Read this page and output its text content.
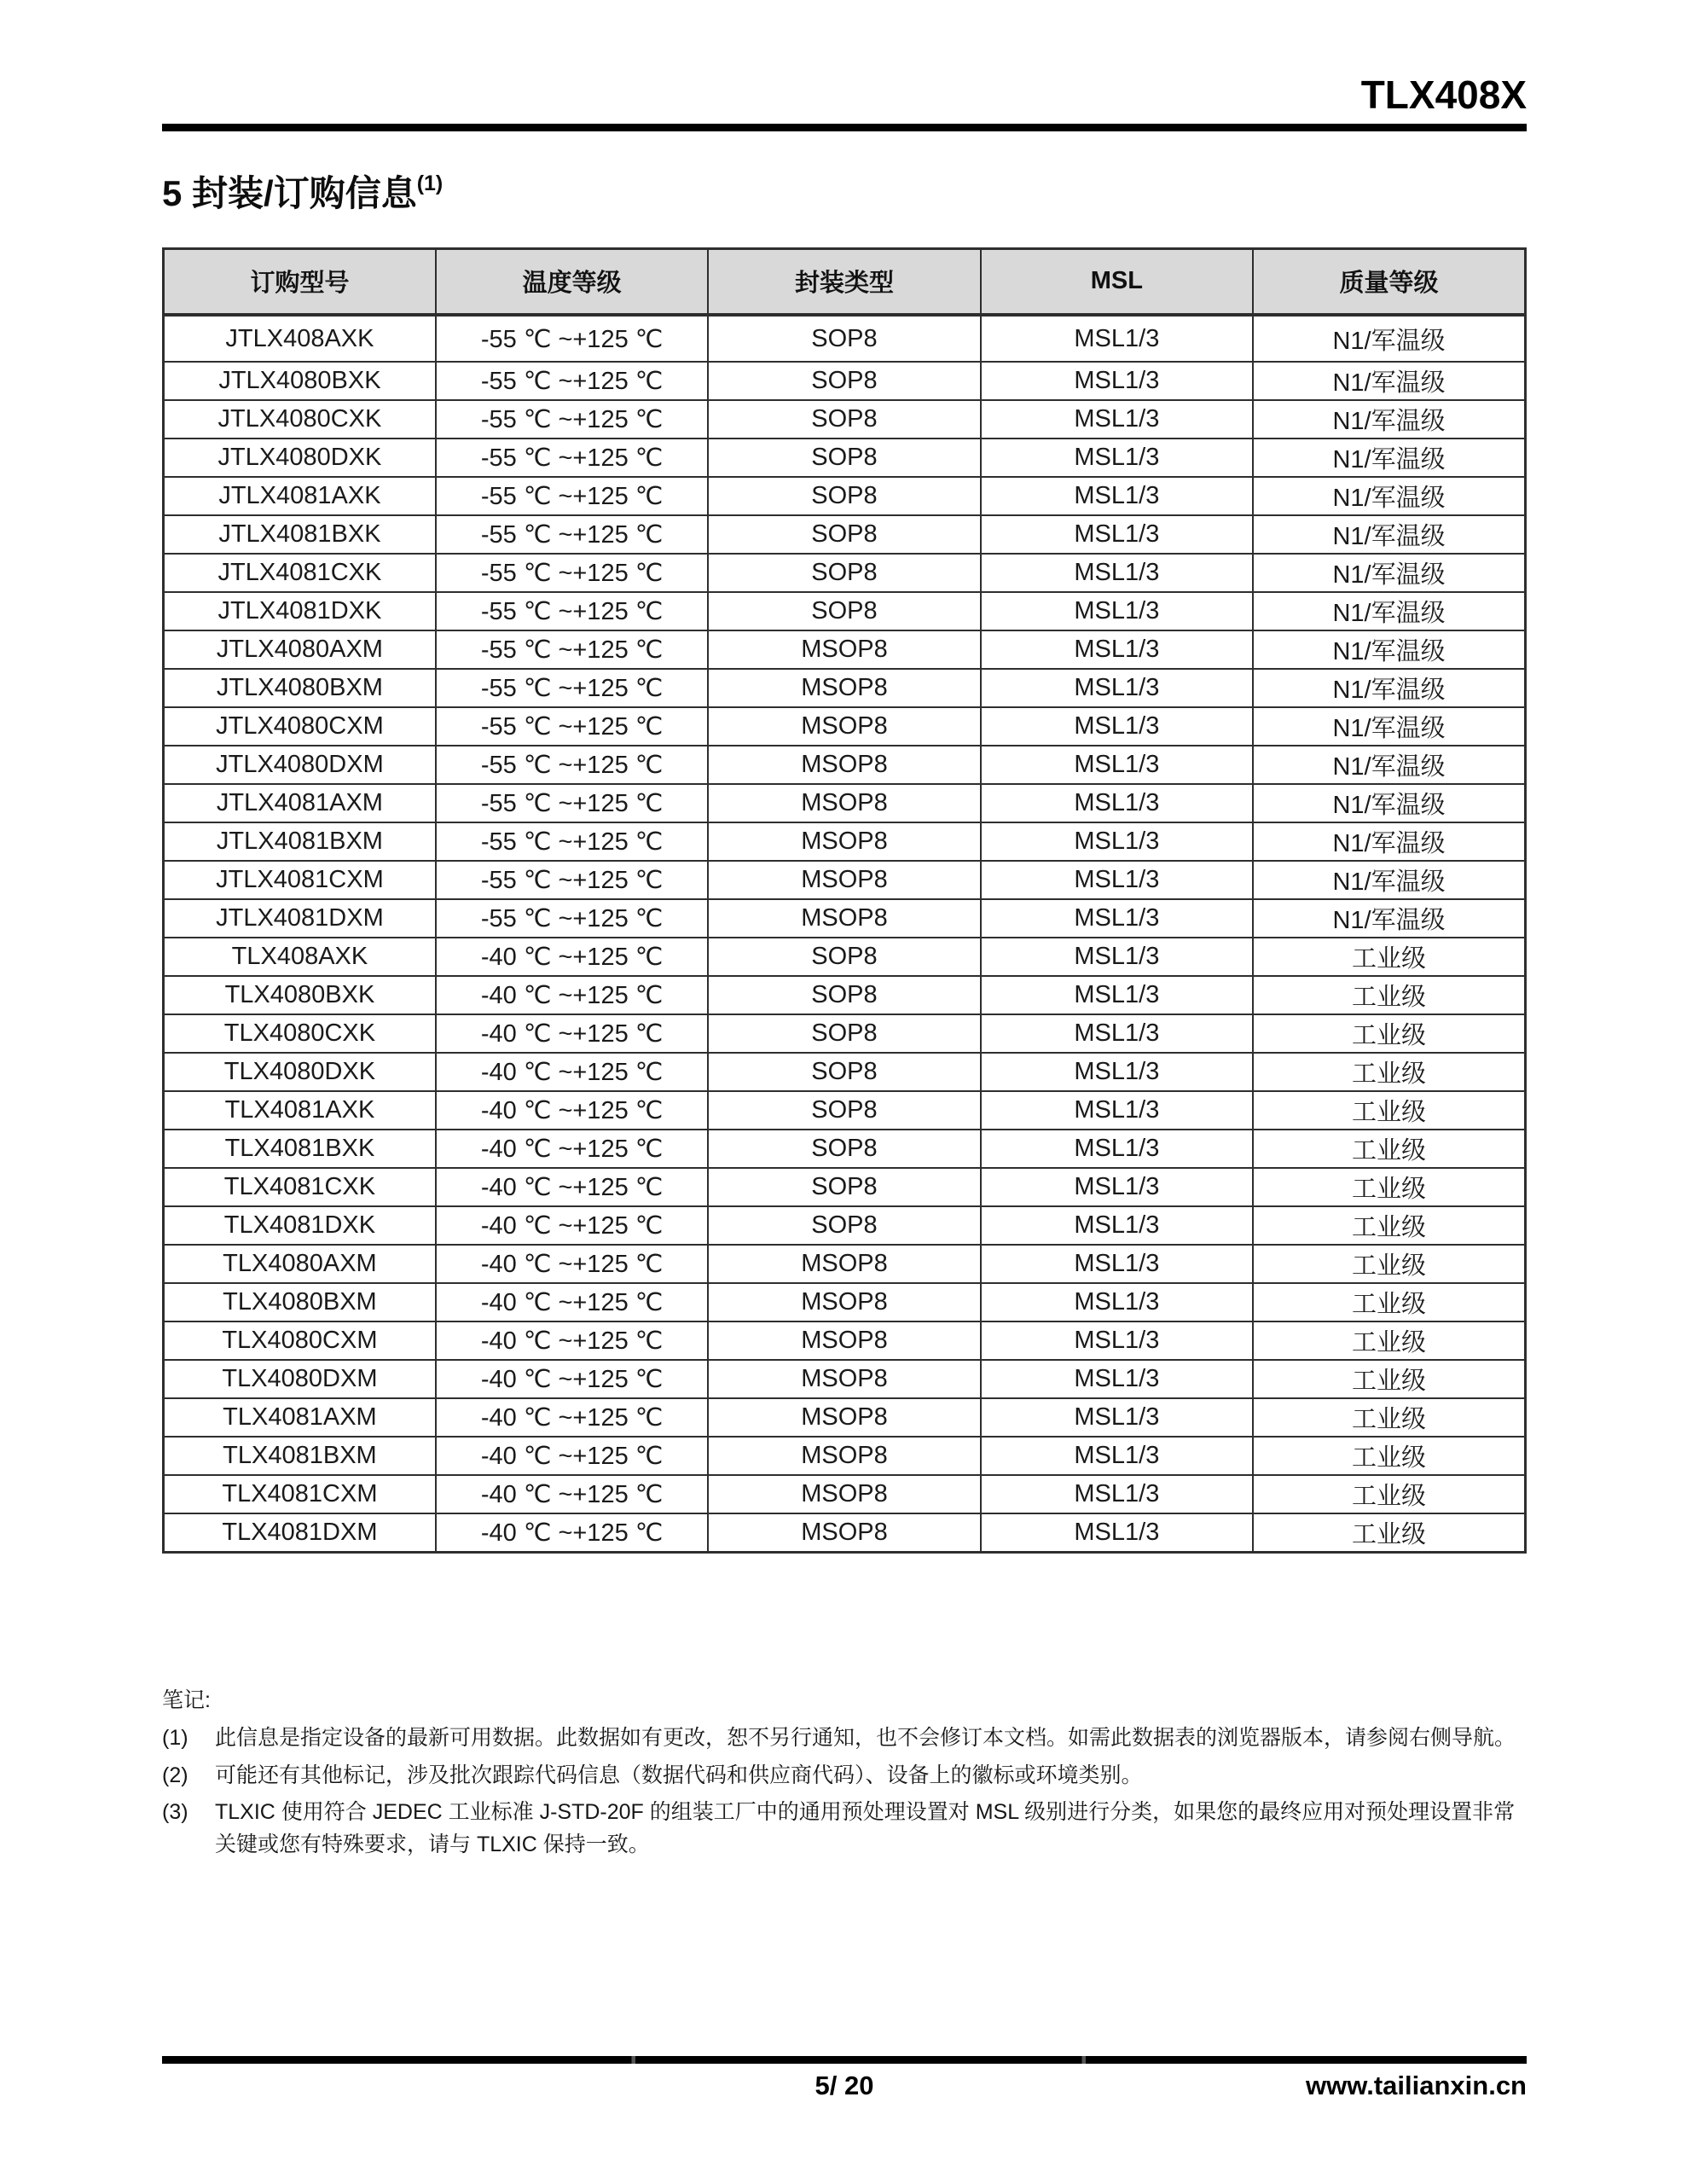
TLX408X
5 封装/订购信息$^{(1)}$
订购型号	温度等级	封装类型	MSL	质量等级
JTLX408AXK	-55 ℃ ~+125 ℃	SOP8	MSL1/3	N1/军温级
JTLX4080BXK	-55 ℃ ~+125 ℃	SOP8	MSL1/3	N1/军温级
JTLX4080CXK	-55 ℃ ~+125 ℃	SOP8	MSL1/3	N1/军温级
JTLX4080DXK	-55 ℃ ~+125 ℃	SOP8	MSL1/3	N1/军温级
JTLX4081AXK	-55 ℃ ~+125 ℃	SOP8	MSL1/3	N1/军温级
JTLX4081BXK	-55 ℃ ~+125 ℃	SOP8	MSL1/3	N1/军温级
JTLX4081CXK	-55 ℃ ~+125 ℃	SOP8	MSL1/3	N1/军温级
JTLX4081DXK	-55 ℃ ~+125 ℃	SOP8	MSL1/3	N1/军温级
JTLX4080AXM	-55 ℃ ~+125 ℃	MSOP8	MSL1/3	N1/军温级
JTLX4080BXM	-55 ℃ ~+125 ℃	MSOP8	MSL1/3	N1/军温级
JTLX4080CXM	-55 ℃ ~+125 ℃	MSOP8	MSL1/3	N1/军温级
JTLX4080DXM	-55 ℃ ~+125 ℃	MSOP8	MSL1/3	N1/军温级
JTLX4081AXM	-55 ℃ ~+125 ℃	MSOP8	MSL1/3	N1/军温级
JTLX4081BXM	-55 ℃ ~+125 ℃	MSOP8	MSL1/3	N1/军温级
JTLX4081CXM	-55 ℃ ~+125 ℃	MSOP8	MSL1/3	N1/军温级
JTLX4081DXM	-55 ℃ ~+125 ℃	MSOP8	MSL1/3	N1/军温级
TLX408AXK	-40 ℃ ~+125 ℃	SOP8	MSL1/3	工业级
TLX4080BXK	-40 ℃ ~+125 ℃	SOP8	MSL1/3	工业级
TLX4080CXK	-40 ℃ ~+125 ℃	SOP8	MSL1/3	工业级
TLX4080DXK	-40 ℃ ~+125 ℃	SOP8	MSL1/3	工业级
TLX4081AXK	-40 ℃ ~+125 ℃	SOP8	MSL1/3	工业级
TLX4081BXK	-40 ℃ ~+125 ℃	SOP8	MSL1/3	工业级
TLX4081CXK	-40 ℃ ~+125 ℃	SOP8	MSL1/3	工业级
TLX4081DXK	-40 ℃ ~+125 ℃	SOP8	MSL1/3	工业级
TLX4080AXM	-40 ℃ ~+125 ℃	MSOP8	MSL1/3	工业级
TLX4080BXM	-40 ℃ ~+125 ℃	MSOP8	MSL1/3	工业级
TLX4080CXM	-40 ℃ ~+125 ℃	MSOP8	MSL1/3	工业级
TLX4080DXM	-40 ℃ ~+125 ℃	MSOP8	MSL1/3	工业级
TLX4081AXM	-40 ℃ ~+125 ℃	MSOP8	MSL1/3	工业级
TLX4081BXM	-40 ℃ ~+125 ℃	MSOP8	MSL1/3	工业级
TLX4081CXM	-40 ℃ ~+125 ℃	MSOP8	MSL1/3	工业级
TLX4081DXM	-40 ℃ ~+125 ℃	MSOP8	MSL1/3	工业级
笔记:
(1)	此信息是指定设备的最新可用数据。此数据如有更改，恕不另行通知，也不会修订本文档。如需此数据表的浏览器版本，请参阅右侧导航。
(2)	可能还有其他标记，涉及批次跟踪代码信息（数据代码和供应商代码）、设备上的徽标或环境类别。
(3)	TLXIC 使用符合 JEDEC 工业标准 J-STD-20F 的组装工厂中的通用预处理设置对 MSL 级别进行分类，如果您的最终应用对预处理设置非常关键或您有特殊要求，请与 TLXIC 保持一致。
5/ 20	www.tailianxin.cn
